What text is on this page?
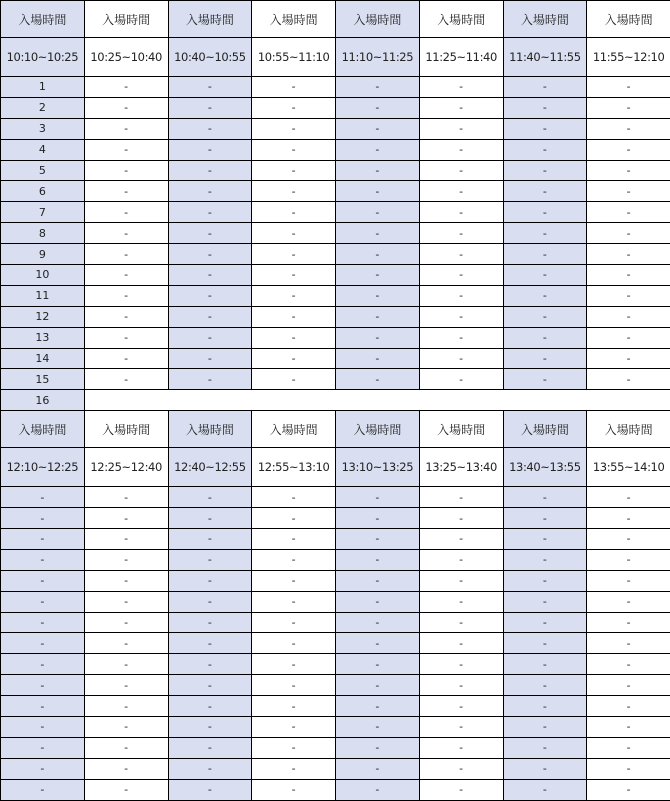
入場時間	入場時間	入場時間	入場時間	入場時間	入場時間	入場時間	入場時間
10:10~10:25	10:25~10:40	10:40~10:55	10:55~11:10	11:10~11:25	11:25~11:40	11:40~11:55	11:55~12:10
1	-	-	-	-	-	-	-
2	-	-	-	-	-	-	-
3	-	-	-	-	-	-	-
4	-	-	-	-	-	-	-
5	-	-	-	-	-	-	-
6	-	-	-	-	-	-	-
7	-	-	-	-	-	-	-
8	-	-	-	-	-	-	-
9	-	-	-	-	-	-	-
10	-	-	-	-	-	-	-
11	-	-	-	-	-	-	-
12	-	-	-	-	-	-	-
13	-	-	-	-	-	-	-
14	-	-	-	-	-	-	-
15	-	-	-	-	-	-	-
16							
入場時間	入場時間	入場時間	入場時間	入場時間	入場時間	入場時間	入場時間
12:10~12:25	12:25~12:40	12:40~12:55	12:55~13:10	13:10~13:25	13:25~13:40	13:40~13:55	13:55~14:10
-	-	-	-	-	-	-	-
-	-	-	-	-	-	-	-
-	-	-	-	-	-	-	-
-	-	-	-	-	-	-	-
-	-	-	-	-	-	-	-
-	-	-	-	-	-	-	-
-	-	-	-	-	-	-	-
-	-	-	-	-	-	-	-
-	-	-	-	-	-	-	-
-	-	-	-	-	-	-	-
-	-	-	-	-	-	-	-
-	-	-	-	-	-	-	-
-	-	-	-	-	-	-	-
-	-	-	-	-	-	-	-
-	-	-	-	-	-	-	-
